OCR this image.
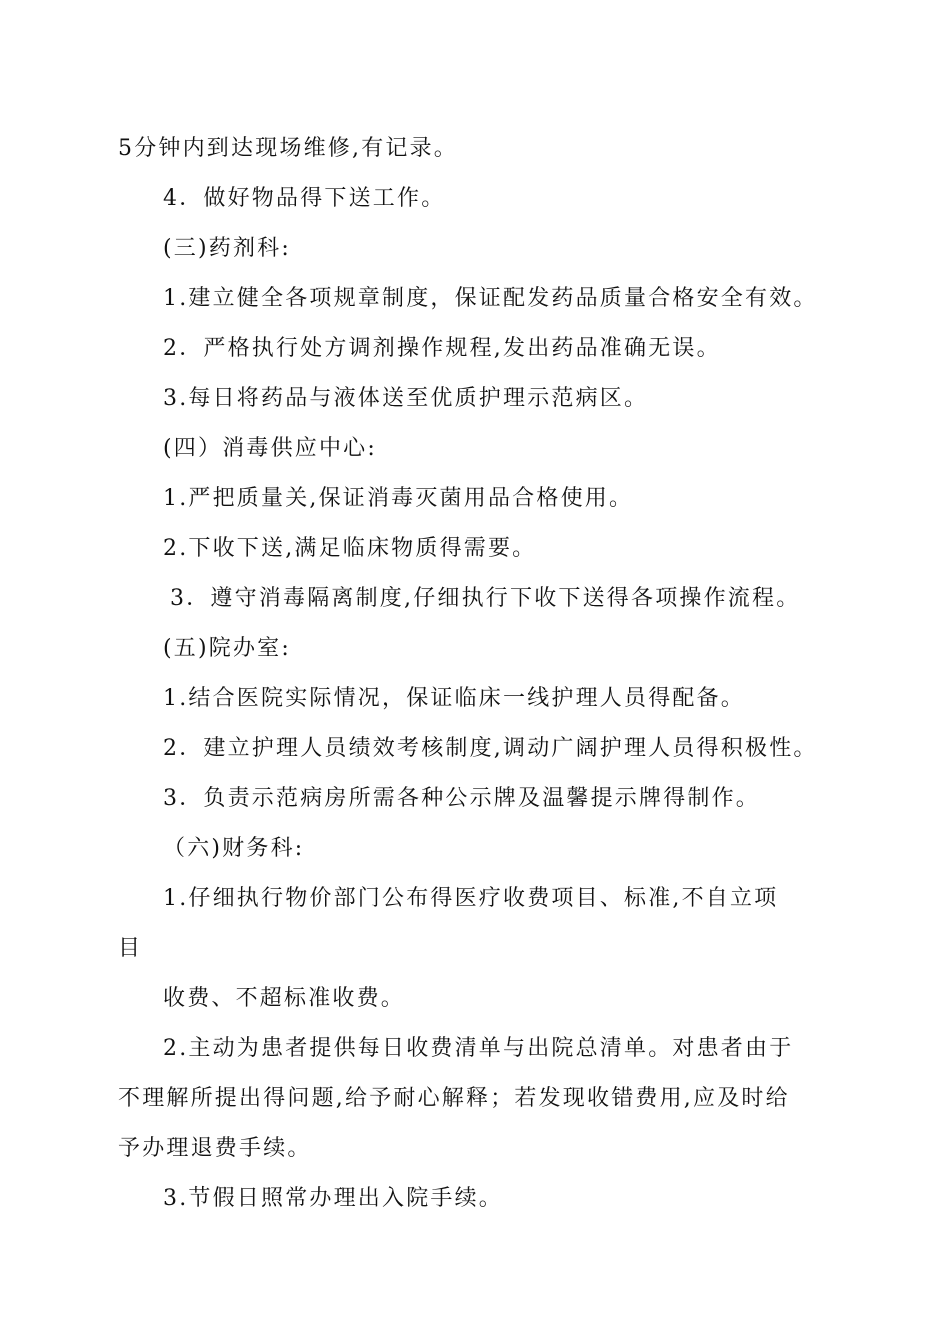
5分钟内到达现场维修,有记录。
4．做好物品得下送工作。
(三)药剂科:
1.建立健全各项规章制度，保证配发药品质量合格安全有效。
2．严格执行处方调剂操作规程,发出药品准确无误。
3.每日将药品与液体送至优质护理示范病区。
(四）消毒供应中心:
1.严把质量关,保证消毒灭菌用品合格使用。
2.下收下送,满足临床物质得需要。
3．遵守消毒隔离制度,仔细执行下收下送得各项操作流程。
(五)院办室:
1.结合医院实际情况，保证临床一线护理人员得配备。
2．建立护理人员绩效考核制度,调动广阔护理人员得积极性。
3．负责示范病房所需各种公示牌及温馨提示牌得制作。
（六)财务科:
1.仔细执行物价部门公布得医疗收费项目、标准,不自立项
目
收费、不超标准收费。
2.主动为患者提供每日收费清单与出院总清单。对患者由于
不理解所提出得问题,给予耐心解释；若发现收错费用,应及时给
予办理退费手续。
3.节假日照常办理出入院手续。
